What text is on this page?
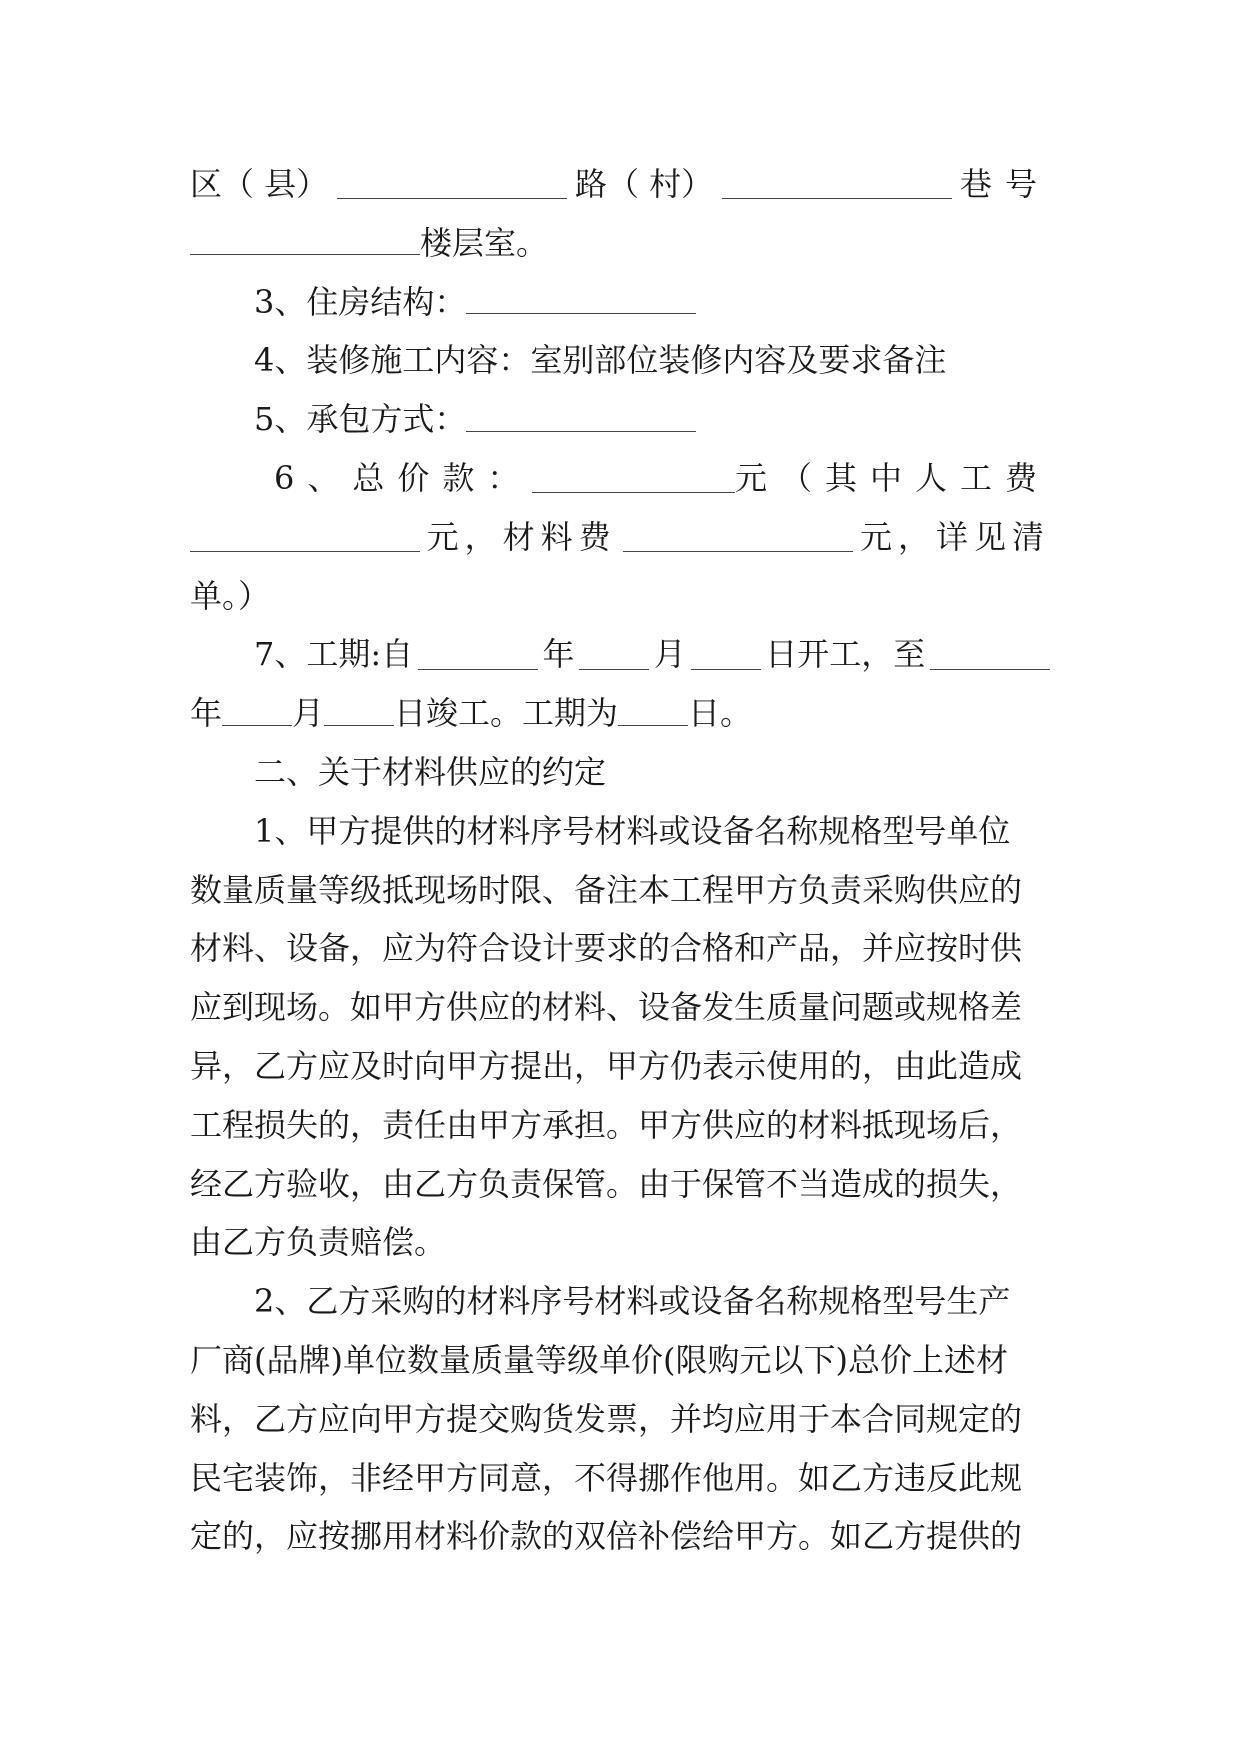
区（ 县）	路（ 村）	巷号
楼层室。
3、住房结构：
4、装修施工内容：室别部位装修内容及要求备注
5、承包方式：
6、总价款：	元（其中人工费
元，材料费	元，详见清
单。）
7、工期:自	年 月 日开工，至
年 月 日竣工。工期为 日。
二、关于材料供应的约定
1、甲方提供的材料序号材料或设备名称规格型号单位
数量质量等级抵现场时限、备注本工程甲方负责采购供应的
材料、设备，应为符合设计要求的合格和产品，并应按时供
应到现场。如甲方供应的材料、设备发生质量问题或规格差
异，乙方应及时向甲方提出，甲方仍表示使用的，由此造成
工程损失的，责任由甲方承担。甲方供应的材料抵现场后，
经乙方验收，由乙方负责保管。由于保管不当造成的损失，
由乙方负责赔偿。
2、乙方采购的材料序号材料或设备名称规格型号生产
厂商(品牌)单位数量质量等级单价(限购元以下)总价上述材
料，乙方应向甲方提交购货发票，并均应用于本合同规定的
民宅装饰，非经甲方同意，不得挪作他用。如乙方违反此规
定的，应按挪用材料价款的双倍补偿给甲方。如乙方提供的
